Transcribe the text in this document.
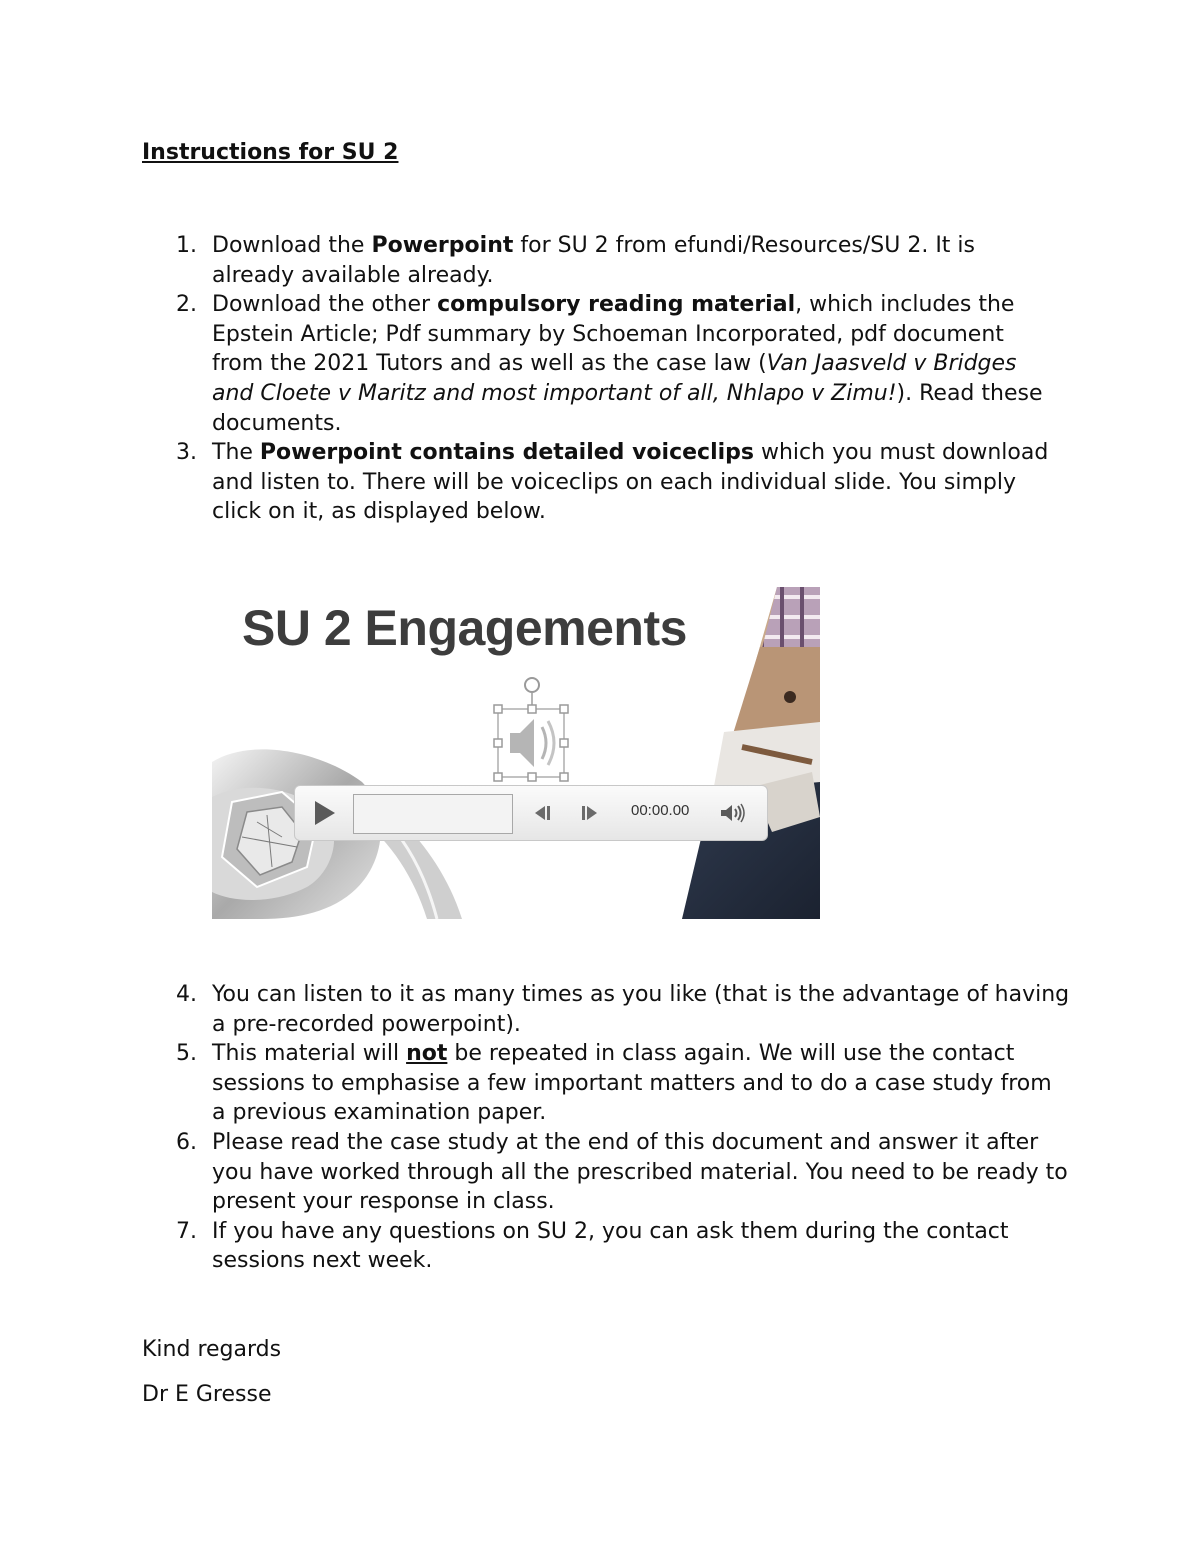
Instructions for SU 2
1. Download the Powerpoint for SU 2 from efundi/Resources/SU 2. It is already available already.
2. Download the other compulsory reading material, which includes the Epstein Article; Pdf summary by Schoeman Incorporated, pdf document from the 2021 Tutors and as well as the case law (Van Jaasveld v Bridges and Cloete v Maritz and most important of all, Nhlapo v Zimu!). Read these documents.
3. The Powerpoint contains detailed voiceclips which you must download and listen to. There will be voiceclips on each individual slide. You simply click on it, as displayed below.
SU 2 Engagements
00:00.00
4. You can listen to it as many times as you like (that is the advantage of having a pre-recorded powerpoint).
5. This material will not be repeated in class again. We will use the contact sessions to emphasise a few important matters and to do a case study from a previous examination paper.
6. Please read the case study at the end of this document and answer it after you have worked through all the prescribed material. You need to be ready to present your response in class.
7. If you have any questions on SU 2, you can ask them during the contact sessions next week.
Kind regards
Dr E Gresse
